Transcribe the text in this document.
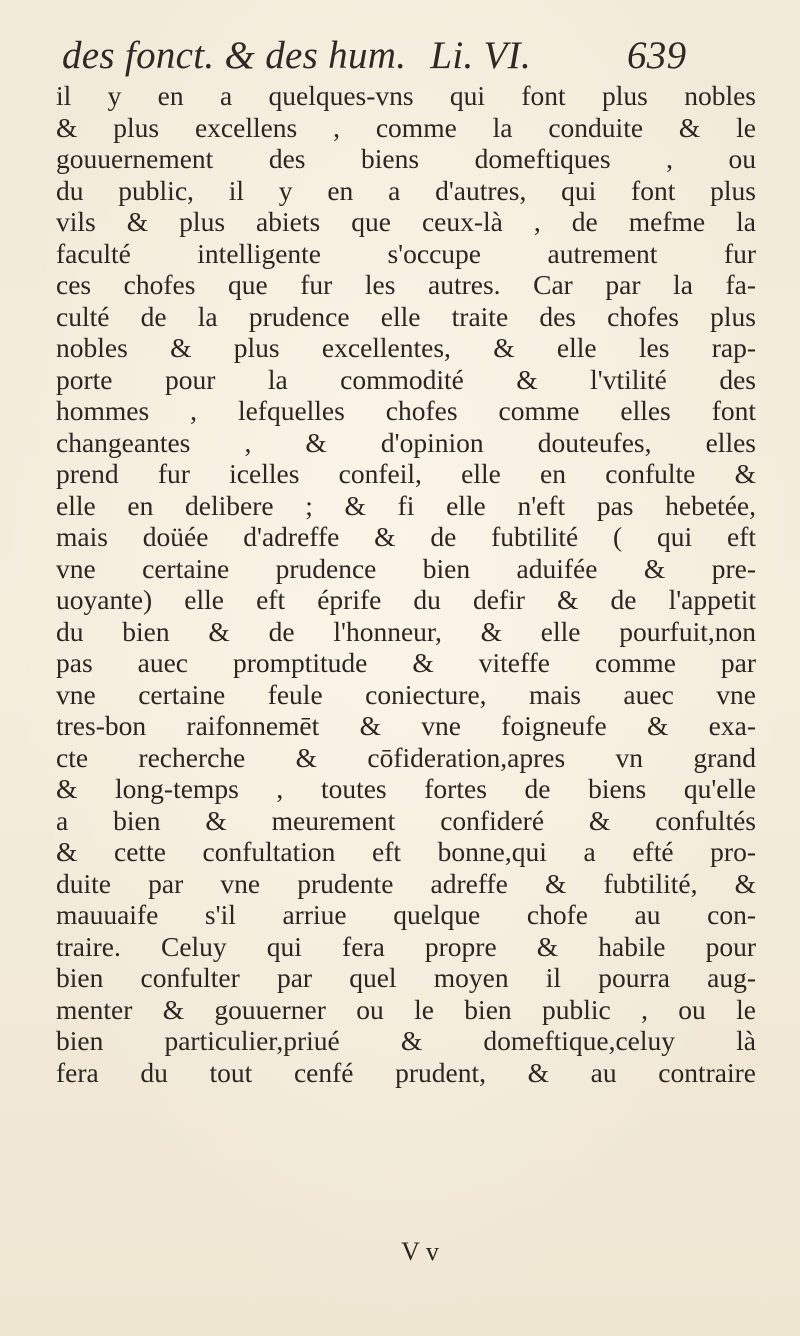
des fonct. & des hum. Li. VI. 639
il y en a quelques-vns qui font plus nobles
& plus excellens , comme la conduite & le
gouuernement des biens domeftiques , ou
du public, il y en a d'autres, qui font plus
vils & plus abiets que ceux-là , de mefme la
faculté intelligente s'occupe autrement fur
ces chofes que fur les autres. Car par la fa-
culté de la prudence elle traite des chofes plus
nobles & plus excellentes, & elle les rap-
porte pour la commodité & l'vtilité des
hommes , lefquelles chofes comme elles font
changeantes , & d'opinion douteufes, elles
prend fur icelles confeil, elle en confulte &
elle en delibere ; & fi elle n'eft pas hebetée,
mais doüée d'adreffe & de fubtilité ( qui eft
vne certaine prudence bien aduifée & pre-
uoyante) elle eft éprife du defir & de l'appetit
du bien & de l'honneur, & elle pourfuit,non
pas auec promptitude & viteffe comme par
vne certaine feule coniecture, mais auec vne
tres-bon raifonnemēt & vne foigneufe & exa-
cte recherche & cōfideration,apres vn grand
& long-temps , toutes fortes de biens qu'elle
a bien & meurement confideré & confultés
& cette confultation eft bonne,qui a efté pro-
duite par vne prudente adreffe & fubtilité, &
mauuaife s'il arriue quelque chofe au con-
traire. Celuy qui fera propre & habile pour
bien confulter par quel moyen il pourra aug-
menter & gouuerner ou le bien public , ou le
bien particulier,priué & domeftique,celuy là
fera du tout cenfé prudent, & au contraire
V v
